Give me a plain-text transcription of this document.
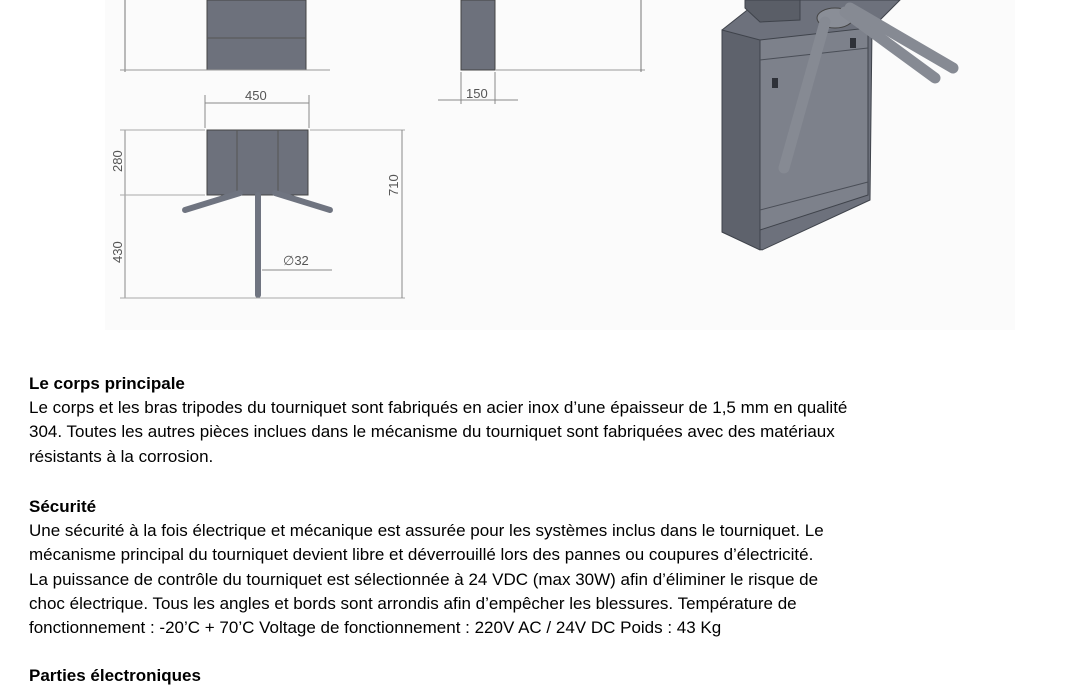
150
450
280
430
710
∅32

Le corps principale

Le corps et les bras tripodes du tourniquet sont fabriqués en acier inox d’une épaisseur de 1,5 mm en qualité

304. Toutes les autres pièces inclues dans le mécanisme du tourniquet sont fabriquées avec des matériaux

résistants à la corrosion.

Sécurité

Une sécurité à la fois électrique et mécanique est assurée pour les systèmes inclus dans le tourniquet. Le

mécanisme principal du tourniquet devient libre et déverrouillé lors des pannes ou coupures d’électricité.

La puissance de contrôle du tourniquet est sélectionnée à 24 VDC (max 30W) afin d’éliminer le risque de

choc électrique. Tous les angles et bords sont arrondis afin d’empêcher les blessures. Température de

fonctionnement : -20’C + 70’C Voltage de fonctionnement : 220V AC / 24V DC Poids : 43 Kg

Parties électroniques
